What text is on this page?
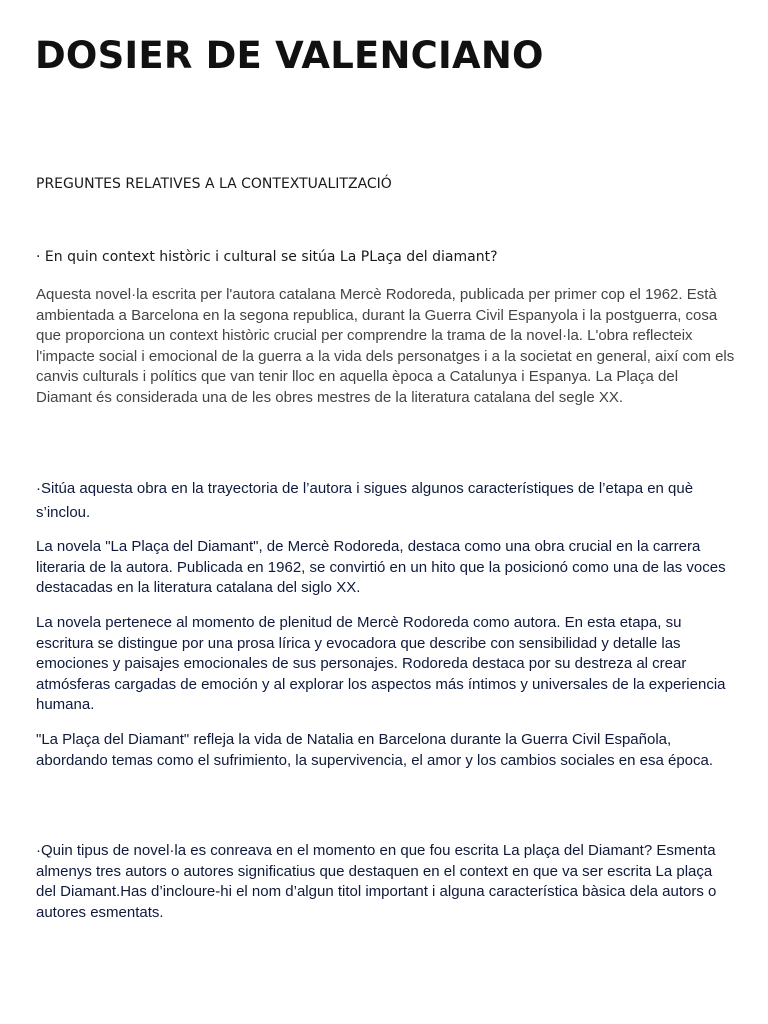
DOSIER DE VALENCIANO

PREGUNTES RELATIVES A LA CONTEXTUALITZACIÓ

· En quin context històric i cultural se sitúa La PLaça del diamant?

Aquesta novel·la escrita per l'autora catalana Mercè Rodoreda, publicada per primer cop el 1962. Està ambientada a Barcelona en la segona republica, durant la Guerra Civil Espanyola i la postguerra, cosa que proporciona un context històric crucial per comprendre la trama de la novel·la. L'obra reflecteix l'impacte social i emocional de la guerra a la vida dels personatges i a la societat en general, així com els canvis culturals i polítics que van tenir lloc en aquella època a Catalunya i Espanya. La Plaça del Diamant és considerada una de les obres mestres de la literatura catalana del segle XX.

·Sitúa aquesta obra en la trayectoria de l’autora i sigues algunos característiques de l’etapa en què s’inclou.

La novela "La Plaça del Diamant", de Mercè Rodoreda, destaca como una obra crucial en la carrera literaria de la autora. Publicada en 1962, se convirtió en un hito que la posicionó como una de las voces destacadas en la literatura catalana del siglo XX.

La novela pertenece al momento de plenitud de Mercè Rodoreda como autora. En esta etapa, su escritura se distingue por una prosa lírica y evocadora que describe con sensibilidad y detalle las emociones y paisajes emocionales de sus personajes. Rodoreda destaca por su destreza al crear atmósferas cargadas de emoción y al explorar los aspectos más íntimos y universales de la experiencia humana.

"La Plaça del Diamant" refleja la vida de Natalia en Barcelona durante la Guerra Civil Española, abordando temas como el sufrimiento, la supervivencia, el amor y los cambios sociales en esa época.

·Quin tipus de novel·la es conreava en el momento en que fou escrita La plaça del Diamant? Esmenta almenys tres autors o autores significatius que destaquen en el context en que va ser escrita La plaça del Diamant.Has d’incloure-hi el nom d’algun titol important i alguna característica bàsica dela autors o autores esmentats.
